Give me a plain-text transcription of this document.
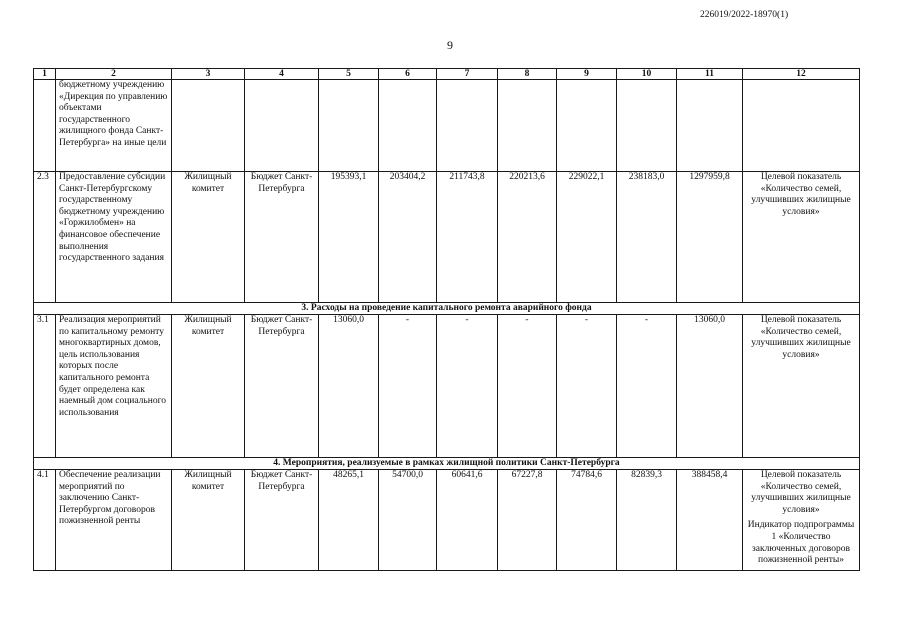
226019/2022-18970(1)
9
1	2	3	4	5	6	7	8	9	10	11	12
	бюджетному учреждению «Дирекция по управлению объектами государственного жилищного фонда Санкт-Петербурга» на иные цели										
2.3	Предоставление субсидии Санкт-Петербургскому государственному бюджетному учреждению «Горжилобмен» на финансовое обеспечение выполнения государственного задания	Жилищный комитет	Бюджет Санкт-Петербурга	195393,1	203404,2	211743,8	220213,6	229022,1	238183,0	1297959,8	Целевой показатель «Количество семей, улучшивших жилищные условия»
3. Расходы на проведение капитального ремонта аварийного фонда											
3.1	Реализация мероприятий по капитальному ремонту многоквартирных домов, цель использования которых после капитального ремонта будет определена как наемный дом социального использования	Жилищный комитет	Бюджет Санкт-Петербурга	13060,0	-	-	-	-	-	13060,0	Целевой показатель «Количество семей, улучшивших жилищные условия»
4. Мероприятия, реализуемые в рамках жилищной политики Санкт-Петербурга											
4.1	Обеспечение реализации мероприятий по заключению Санкт-Петербургом договоров пожизненной ренты	Жилищный комитет	Бюджет Санкт-Петербурга	48265,1	54700,0	60641,6	67227,8	74784,6	82839,3	388458,4	Целевой показатель «Количество семей, улучшивших жилищные условия»
Индикатор подпрограммы 1 «Количество заключенных договоров пожизненной ренты»
